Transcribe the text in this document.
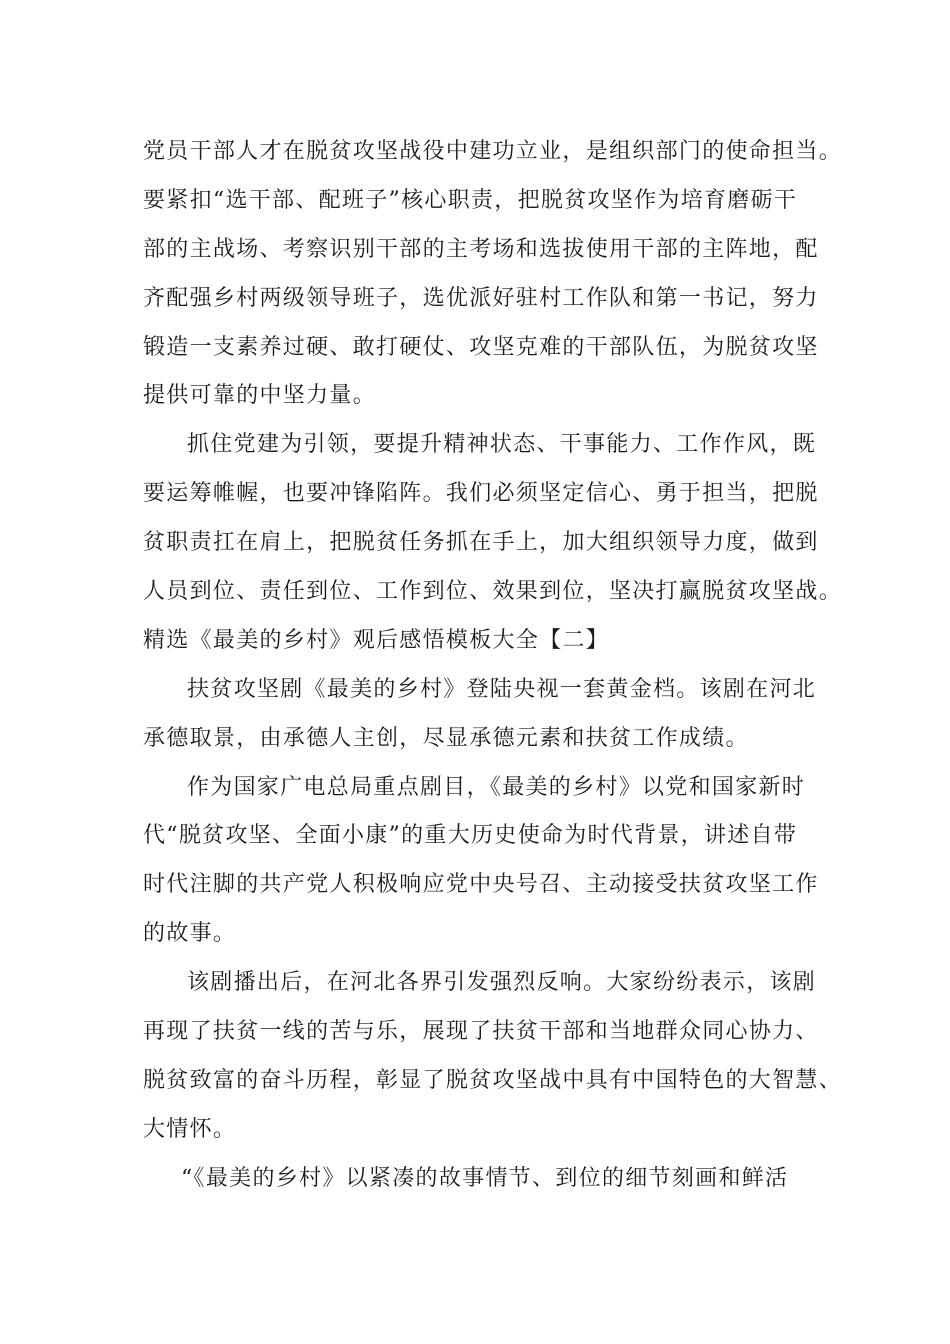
党员干部人才在脱贫攻坚战役中建功立业，是组织部门的使命担当。
要紧扣“选干部、配班子”核心职责，把脱贫攻坚作为培育磨砺干
部的主战场、考察识别干部的主考场和选拔使用干部的主阵地，配
齐配强乡村两级领导班子，选优派好驻村工作队和第一书记，努力
锻造一支素养过硬、敢打硬仗、攻坚克难的干部队伍，为脱贫攻坚
提供可靠的中坚力量。
抓住党建为引领，要提升精神状态、干事能力、工作作风，既
要运筹帷幄，也要冲锋陷阵。我们必须坚定信心、勇于担当，把脱
贫职责扛在肩上，把脱贫任务抓在手上，加大组织领导力度，做到
人员到位、责任到位、工作到位、效果到位，坚决打赢脱贫攻坚战。
精选《最美的乡村》观后感悟模板大全【二】
扶贫攻坚剧《最美的乡村》登陆央视一套黄金档。该剧在河北
承德取景，由承德人主创，尽显承德元素和扶贫工作成绩。
作为国家广电总局重点剧目，《最美的乡村》以党和国家新时
代“脱贫攻坚、全面小康”的重大历史使命为时代背景，讲述自带
时代注脚的共产党人积极响应党中央号召、主动接受扶贫攻坚工作
的故事。
该剧播出后，在河北各界引发强烈反响。大家纷纷表示，该剧
再现了扶贫一线的苦与乐，展现了扶贫干部和当地群众同心协力、
脱贫致富的奋斗历程，彰显了脱贫攻坚战中具有中国特色的大智慧、
大情怀。
“《最美的乡村》以紧凑的故事情节、到位的细节刻画和鲜活
